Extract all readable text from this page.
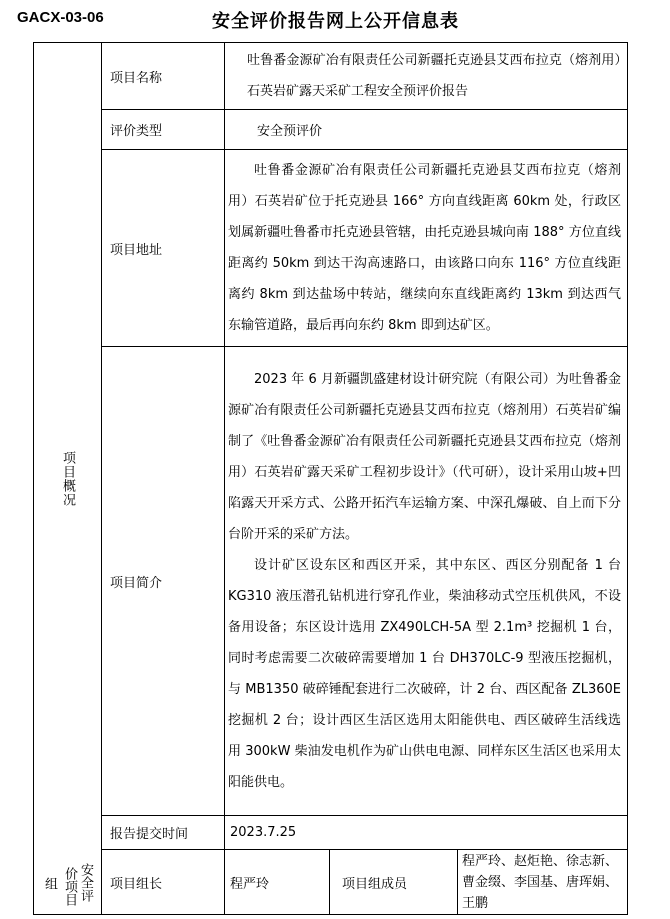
GACX-03-06	安全评价报告网上公开信息表
项目概况	项目名称	吐鲁番金源矿冶有限责任公司新疆托克逊县艾西布拉克（熔剂用）石英岩矿露天采矿工程安全预评价报告		

	评价类型	安全预评价		
	项目地址	吐鲁番金源矿冶有限责任公司新疆托克逊县艾西布拉克（熔剂用）石英岩矿位于托克逊县 166° 方向直线距离 60km 处，行政区划属新疆吐鲁番市托克逊县管辖，由托克逊县城向南 188° 方位直线距离约 50km 到达干沟高速路口，由该路口向东 116° 方位直线距离约 8km 到达盐场中转站，继续向东直线距离约 13km 到达西气东输管道路，最后再向东约 8km 即到达矿区。		

	项目简介	2023 年 6 月新疆凯盛建材设计研究院（有限公司）为吐鲁番金源矿冶有限责任公司新疆托克逊县艾西布拉克（熔剂用）石英岩矿编制了《吐鲁番金源矿冶有限责任公司新疆托克逊县艾西布拉克（熔剂用）石英岩矿露天采矿工程初步设计》（代可研），设计采用山坡+凹陷露天开采方式、公路开拓汽车运输方案、中深孔爆破、自上而下分台阶开采的采矿方法。

设计矿区设东区和西区开采，其中东区、西区分别配备 1 台 KG310 液压潜孔钻机进行穿孔作业，柴油移动式空压机供风，不设备用设备；东区设计选用 ZX490LCH-5A 型 2.1m³ 挖掘机 1 台，同时考虑需要二次破碎需要增加 1 台 DH370LC-9 型液压挖掘机，与 MB1350 破碎锤配套进行二次破碎，计 2 台、西区配备 ZL360E 挖掘机 2 台；设计西区生活区选用太阳能供电、西区破碎生活线选用 300kW 柴油发电机作为矿山供电电源、同样东区生活区也采用太阳能供电。		

	报告提交时间	2023.7.25		
	项目组长	程严玲	项目组成员	程严玲、赵炬艳、徐志新、曹金缀、李国基、唐珲娟、王鹏
安全评
价项目
组
